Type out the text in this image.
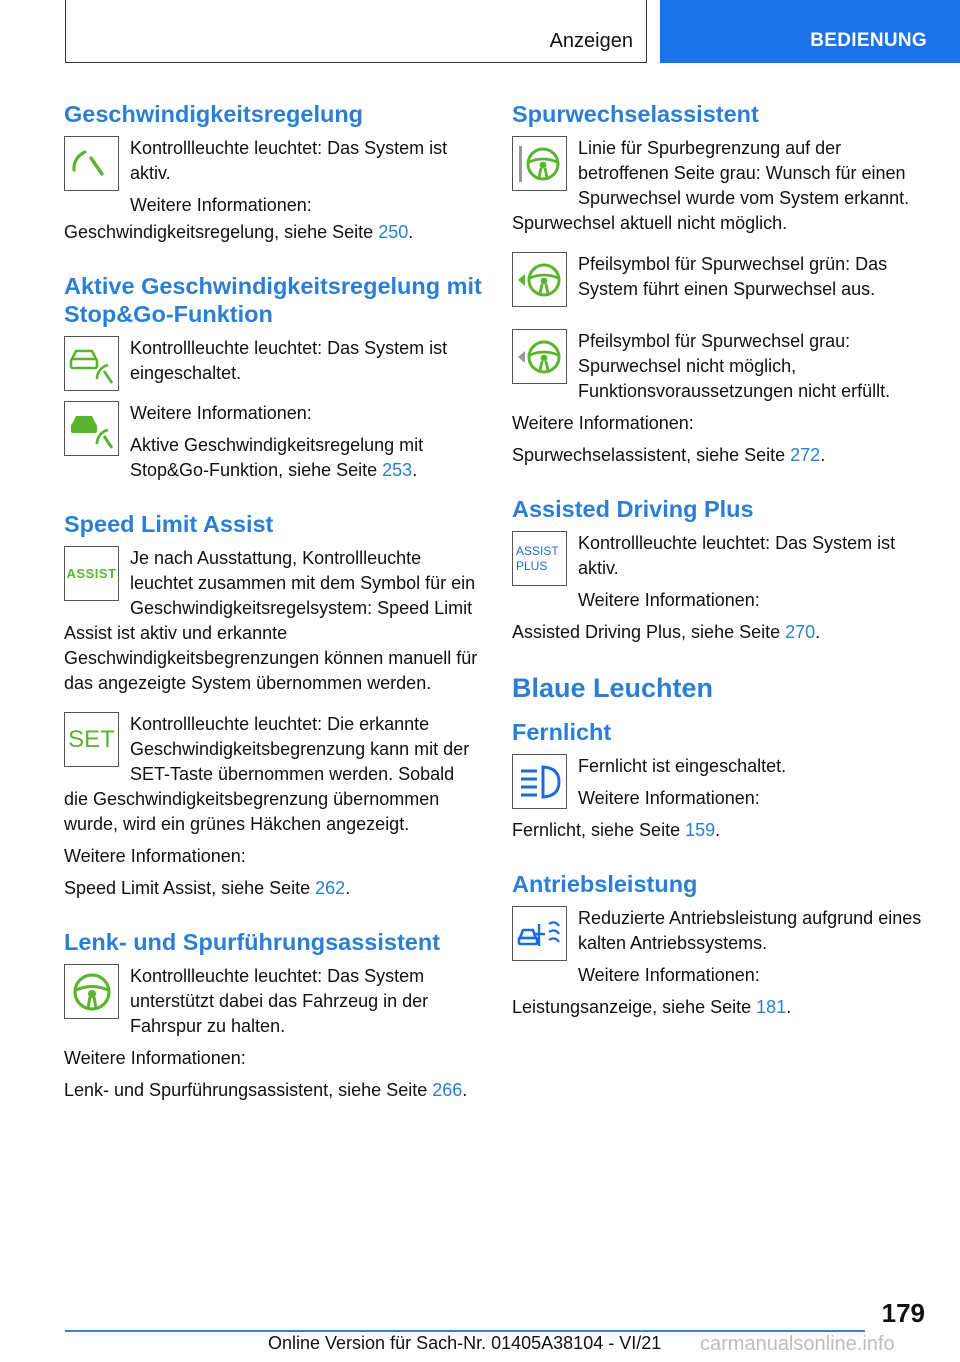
Anzeigen	BEDIENUNG
Geschwindigkeitsregelung

Kontrollleuchte leuchtet: Das System ist aktiv.

Weitere Informationen:

Geschwindigkeitsregelung, siehe Seite 250.

Aktive Geschwindigkeitsregelung mit Stop&Go-Funktion

Kontrollleuchte leuchtet: Das System ist eingeschaltet.

Weitere Informationen:

Aktive Geschwindigkeitsregelung mit Stop&Go-Funktion, siehe Seite 253.

Speed Limit Assist
ASSIST

Je nach Ausstattung, Kontrollleuchte leuchtet zusammen mit dem Symbol für ein Geschwindigkeitsregelsystem: Speed Limit Assist ist aktiv und erkannte Geschwindigkeitsbegrenzungen können manuell für das angezeigte System übernommen werden.

SET

Kontrollleuchte leuchtet: Die erkannte Geschwindigkeitsbegrenzung kann mit der SET-Taste übernommen werden. Sobald die Geschwindigkeitsbegrenzung übernommen wurde, wird ein grünes Häkchen angezeigt.

Weitere Informationen:

Speed Limit Assist, siehe Seite 262.

Lenk- und Spurführungsassistent

Kontrollleuchte leuchtet: Das System unterstützt dabei das Fahrzeug in der Fahrspur zu halten.

Weitere Informationen:

Lenk- und Spurführungsassistent, siehe Seite 266.

Spurwechselassistent

Linie für Spurbegrenzung auf der betroffenen Seite grau: Wunsch für einen Spurwechsel wurde vom System erkannt. Spurwechsel aktuell nicht möglich.

Pfeilsymbol für Spurwechsel grün: Das System führt einen Spurwechsel aus.

Pfeilsymbol für Spurwechsel grau: Spurwechsel nicht möglich, Funktionsvoraussetzungen nicht erfüllt.

Weitere Informationen:

Spurwechselassistent, siehe Seite 272.

Assisted Driving Plus
ASSIST
PLUS

Kontrollleuchte leuchtet: Das System ist aktiv.

Weitere Informationen:

Assisted Driving Plus, siehe Seite 270.

Blaue Leuchten
Fernlicht

Fernlicht ist eingeschaltet.

Weitere Informationen:

Fernlicht, siehe Seite 159.

Antriebsleistung

Reduzierte Antriebsleistung aufgrund eines kalten Antriebssystems.

Weitere Informationen:

Leistungsanzeige, siehe Seite 181.

179
Online Version für Sach-Nr. 01405A38104 - VI/21 carmanualsonline.info
